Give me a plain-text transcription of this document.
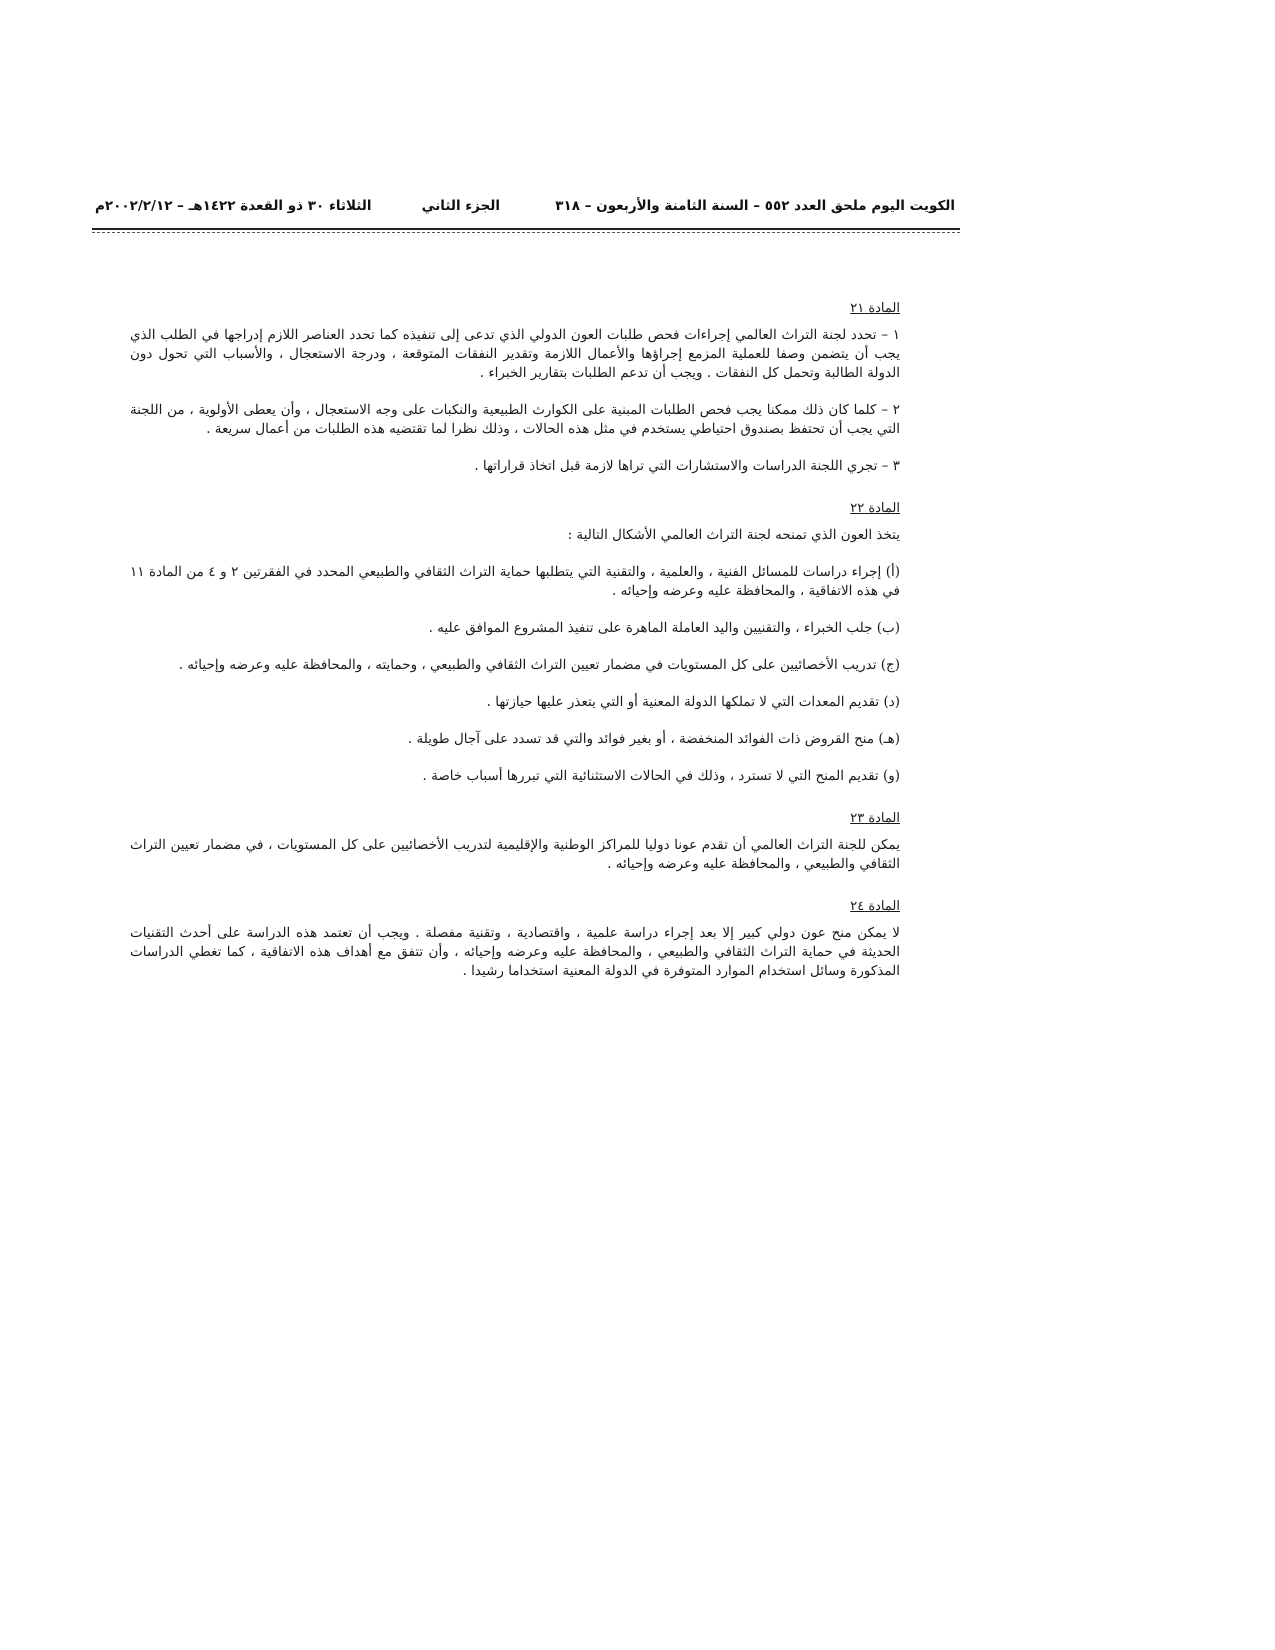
الكويت اليوم ملحق العدد ٥٥٢ – السنة الثامنة والأربعون – ٣١٨
الجزء الثاني
الثلاثاء ٣٠ ذو القعدة ١٤٢٢هـ – ٢٠٠٢/٢/١٢م
المادة ٢١

١ – تحدد لجنة التراث العالمي إجراءات فحص طلبات العون الدولي الذي تدعى إلى تنفيذه كما تحدد العناصر اللازم إدراجها في الطلب الذي يجب أن يتضمن وصفا للعملية المزمع إجراؤها والأعمال اللازمة وتقدير النفقات المتوقعة ، ودرجة الاستعجال ، والأسباب التي تحول دون الدولة الطالبة وتحمل كل النفقات . ويجب أن تدعم الطلبات بتقارير الخبراء .

٢ – كلما كان ذلك ممكنا يجب فحص الطلبات المبنية على الكوارث الطبيعية والنكبات على وجه الاستعجال ، وأن يعطى الأولوية ، من اللجنة التي يجب أن تحتفظ بصندوق احتياطي يستخدم في مثل هذه الحالات ، وذلك نظرا لما تقتضيه هذه الطلبات من أعمال سريعة .

٣ – تجري اللجنة الدراسات والاستشارات التي تراها لازمة قبل اتخاذ قراراتها .

المادة ٢٢

يتخذ العون الذي تمنحه لجنة التراث العالمي الأشكال التالية :

(أ) إجراء دراسات للمسائل الفنية ، والعلمية ، والتقنية التي يتطلبها حماية التراث الثقافي والطبيعي المحدد في الفقرتين ٢ و ٤ من المادة ١١ في هذه الاتفاقية ، والمحافظة عليه وعرضه وإحيائه .

(ب) جلب الخبراء ، والتقنيين واليد العاملة الماهرة على تنفيذ المشروع الموافق عليه .

(ج) تدريب الأخصائيين على كل المستويات في مضمار تعيين التراث الثقافي والطبيعي ، وحمايته ، والمحافظة عليه وعرضه وإحيائه .

(د) تقديم المعدات التي لا تملكها الدولة المعنية أو التي يتعذر عليها حيازتها .

(هـ) منح القروض ذات الفوائد المنخفضة ، أو بغير فوائد والتي قد تسدد على آجال طويلة .

(و) تقديم المنح التي لا تسترد ، وذلك في الحالات الاستثنائية التي تبررها أسباب خاصة .

المادة ٢٣

يمكن للجنة التراث العالمي أن تقدم عونا دوليا للمراكز الوطنية والإقليمية لتدريب الأخصائيين على كل المستويات ، في مضمار تعيين التراث الثقافي والطبيعي ، والمحافظة عليه وعرضه وإحيائه .

المادة ٢٤

لا يمكن منح عون دولي كبير إلا بعد إجراء دراسة علمية ، واقتصادية ، وتقنية مفصلة . ويجب أن تعتمد هذه الدراسة على أحدث التقنيات الحديثة في حماية التراث الثقافي والطبيعي ، والمحافظة عليه وعرضه وإحيائه ، وأن تتفق مع أهداف هذه الاتفاقية ، كما تغطي الدراسات المذكورة وسائل استخدام الموارد المتوفرة في الدولة المعنية استخداما رشيدا .
